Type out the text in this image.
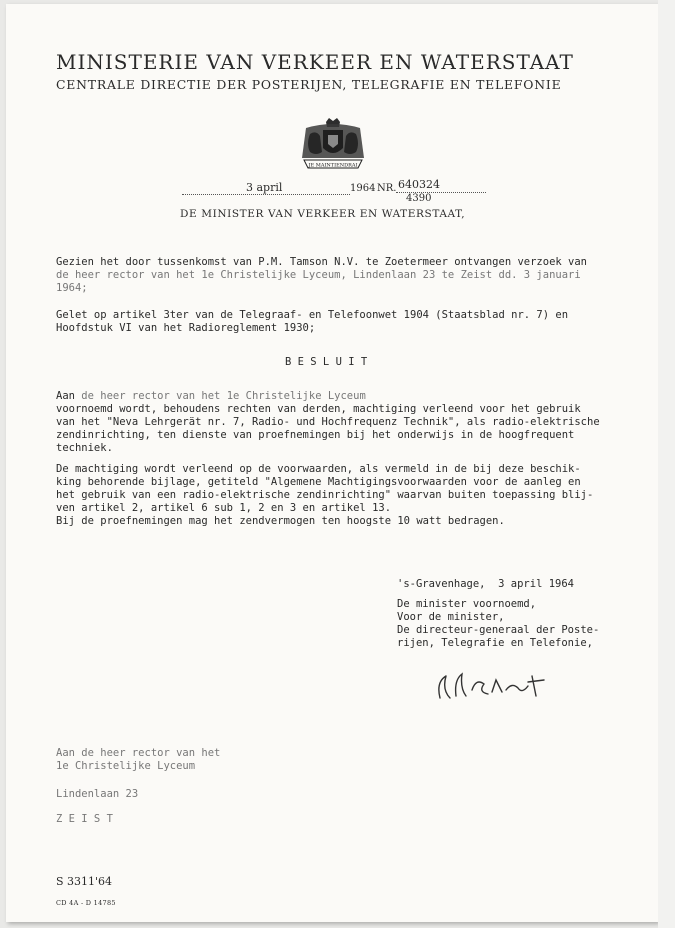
MINISTERIE VAN VERKEER EN WATERSTAAT
CENTRALE DIRECTIE DER POSTERIJEN, TELEGRAFIE EN TELEFONIE
JE MAINTIENDRAI
3 april	1964 NR. 640324
4390
DE MINISTER VAN VERKEER EN WATERSTAAT,

Gezien het door tussenkomst van P.M. Tamson N.V. te Zoetermeer ontvangen verzoek van

de heer rector van het 1e Christelijke Lyceum, Lindenlaan 23 te Zeist dd. 3 januari

1964;

Gelet op artikel 3ter van de Telegraaf- en Telefoonwet 1904 (Staatsblad nr. 7) en

Hoofdstuk VI van het Radioreglement 1930;

B E S L U I T

Aan de heer rector van het 1e Christelijke Lyceum

voornoemd wordt, behoudens rechten van derden, machtiging verleend voor het gebruik

van het "Neva Lehrgerät nr. 7, Radio- und Hochfrequenz Technik", als radio-elektrische

zendinrichting, ten dienste van proefnemingen bij het onderwijs in de hoogfrequent

techniek.

De machtiging wordt verleend op de voorwaarden, als vermeld in de bij deze beschik-

king behorende bijlage, getiteld "Algemene Machtigingsvoorwaarden voor de aanleg en

het gebruik van een radio-elektrische zendinrichting" waarvan buiten toepassing blij-

ven artikel 2, artikel 6 sub 1, 2 en 3 en artikel 13.

Bij de proefnemingen mag het zendvermogen ten hoogste 10 watt bedragen.

's-Gravenhage,  3 april 1964

De minister voornoemd,

Voor de minister,

De directeur-generaal der Poste-

rijen, Telegrafie en Telefonie,

Aan de heer rector van het

1e Christelijke Lyceum

Lindenlaan 23

Z E I S T

S 3311'64
CD 4A - D 14785
